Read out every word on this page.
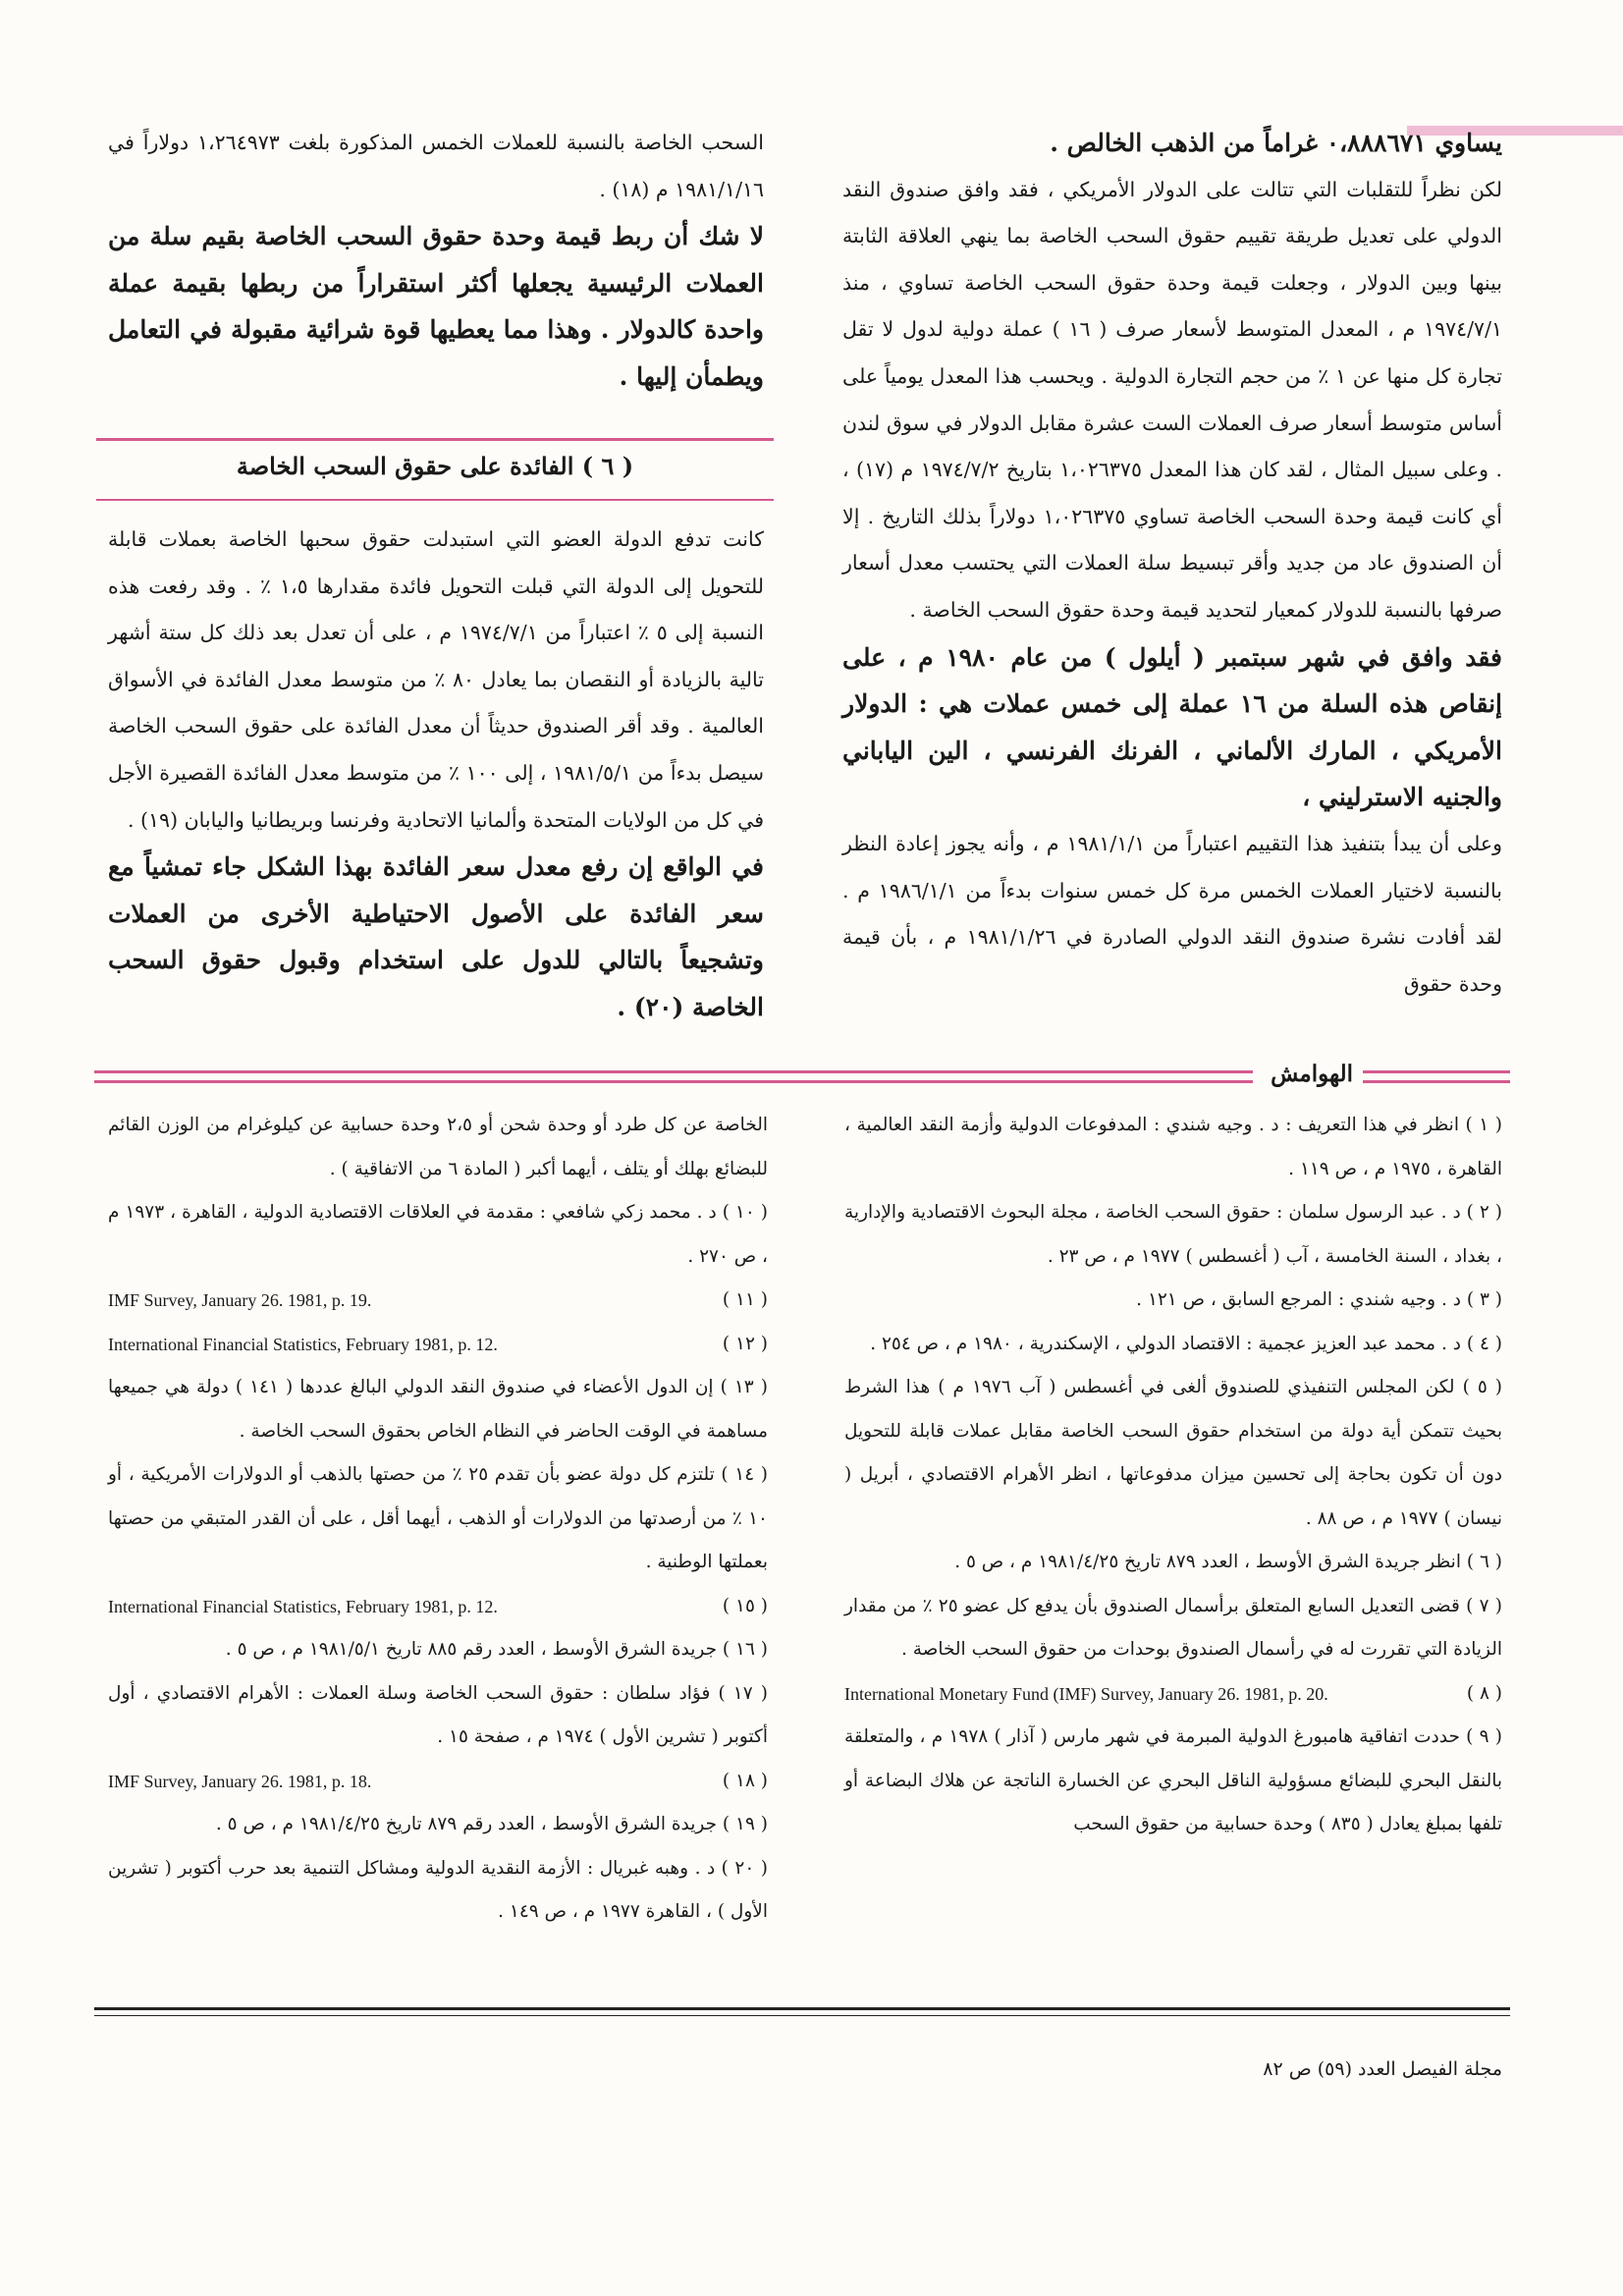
يساوي ٠،٨٨٨٦٧١ غراماً من الذهب الخالص .

لكن نظراً للتقلبات التي تتالت على الدولار الأمريكي ، فقد وافق صندوق النقد الدولي على تعديل طريقة تقييم حقوق السحب الخاصة بما ينهي العلاقة الثابتة بينها وبين الدولار ، وجعلت قيمة وحدة حقوق السحب الخاصة تساوي ، منذ ١٩٧٤/٧/١ م ، المعدل المتوسط لأسعار صرف ( ١٦ ) عملة دولية لدول لا تقل تجارة كل منها عن ١ ٪ من حجم التجارة الدولية . ويحسب هذا المعدل يومياً على أساس متوسط أسعار صرف العملات الست عشرة مقابل الدولار في سوق لندن . وعلى سبيل المثال ، لقد كان هذا المعدل ١،٠٢٦٣٧٥ بتاريخ ١٩٧٤/٧/٢ م (١٧) ، أي كانت قيمة وحدة السحب الخاصة تساوي ١،٠٢٦٣٧٥ دولاراً بذلك التاريخ . إلا أن الصندوق عاد من جديد وأقر تبسيط سلة العملات التي يحتسب معدل أسعار صرفها بالنسبة للدولار كمعيار لتحديد قيمة وحدة حقوق السحب الخاصة .

فقد وافق في شهر سبتمبر ( أيلول ) من عام ١٩٨٠ م ، على إنقاص هذه السلة من ١٦ عملة إلى خمس عملات هي : الدولار الأمريكي ، المارك الألماني ، الفرنك الفرنسي ، الين الياباني والجنيه الاسترليني ،

وعلى أن يبدأ بتنفيذ هذا التقييم اعتباراً من ١٩٨١/١/١ م ، وأنه يجوز إعادة النظر بالنسبة لاختيار العملات الخمس مرة كل خمس سنوات بدءاً من ١٩٨٦/١/١ م . لقد أفادت نشرة صندوق النقد الدولي الصادرة في ١٩٨١/١/٢٦ م ، بأن قيمة وحدة حقوق

السحب الخاصة بالنسبة للعملات الخمس المذكورة بلغت ١،٢٦٤٩٧٣ دولاراً في ١٩٨١/١/١٦ م (١٨) .

لا شك أن ربط قيمة وحدة حقوق السحب الخاصة بقيم سلة من العملات الرئيسية يجعلها أكثر استقراراً من ربطها بقيمة عملة واحدة كالدولار . وهذا مما يعطيها قوة شرائية مقبولة في التعامل ويطمأن إليها .

( ٦ ) الفائدة على حقوق السحب الخاصة

كانت تدفع الدولة العضو التي استبدلت حقوق سحبها الخاصة بعملات قابلة للتحويل إلى الدولة التي قبلت التحويل فائدة مقدارها ١،٥ ٪ . وقد رفعت هذه النسبة إلى ٥ ٪ اعتباراً من ١٩٧٤/٧/١ م ، على أن تعدل بعد ذلك كل ستة أشهر تالية بالزيادة أو النقصان بما يعادل ٨٠ ٪ من متوسط معدل الفائدة في الأسواق العالمية . وقد أقر الصندوق حديثاً أن معدل الفائدة على حقوق السحب الخاصة سيصل بدءاً من ١٩٨١/٥/١ ، إلى ١٠٠ ٪ من متوسط معدل الفائدة القصيرة الأجل في كل من الولايات المتحدة وألمانيا الاتحادية وفرنسا وبريطانيا واليابان (١٩) .

في الواقع إن رفع معدل سعر الفائدة بهذا الشكل جاء تمشياً مع سعر الفائدة على الأصول الاحتياطية الأخرى من العملات وتشجيعاً بالتالي للدول على استخدام وقبول حقوق السحب الخاصة (٢٠) .

الهوامش

( ١ ) انظر في هذا التعريف : د . وجيه شندي : المدفوعات الدولية وأزمة النقد العالمية ، القاهرة ، ١٩٧٥ م ، ص ١١٩ .

( ٢ ) د . عبد الرسول سلمان : حقوق السحب الخاصة ، مجلة البحوث الاقتصادية والإدارية ، بغداد ، السنة الخامسة ، آب ( أغسطس ) ١٩٧٧ م ، ص ٢٣ .

( ٣ ) د . وجيه شندي : المرجع السابق ، ص ١٢١ .

( ٤ ) د . محمد عبد العزيز عجمية : الاقتصاد الدولي ، الإسكندرية ، ١٩٨٠ م ، ص ٢٥٤ .

( ٥ ) لكن المجلس التنفيذي للصندوق ألغى في أغسطس ( آب ١٩٧٦ م ) هذا الشرط بحيث تتمكن أية دولة من استخدام حقوق السحب الخاصة مقابل عملات قابلة للتحويل دون أن تكون بحاجة إلى تحسين ميزان مدفوعاتها ، انظر الأهرام الاقتصادي ، أبريل ( نيسان ) ١٩٧٧ م ، ص ٨٨ .

( ٦ ) انظر جريدة الشرق الأوسط ، العدد ٨٧٩ تاريخ ١٩٨١/٤/٢٥ م ، ص ٥ .

( ٧ ) قضى التعديل السابع المتعلق برأسمال الصندوق بأن يدفع كل عضو ٢٥ ٪ من مقدار الزيادة التي تقررت له في رأسمال الصندوق بوحدات من حقوق السحب الخاصة .

( ٨ )
International Monetary Fund (IMF) Survey, January 26. 1981, p. 20.

( ٩ ) حددت اتفاقية هامبورغ الدولية المبرمة في شهر مارس ( آذار ) ١٩٧٨ م ، والمتعلقة بالنقل البحري للبضائع مسؤولية الناقل البحري عن الخسارة الناتجة عن هلاك البضاعة أو تلفها بمبلغ يعادل ( ٨٣٥ ) وحدة حسابية من حقوق السحب

الخاصة عن كل طرد أو وحدة شحن أو ٢،٥ وحدة حسابية عن كيلوغرام من الوزن القائم للبضائع بهلك أو يتلف ، أيهما أكبر ( المادة ٦ من الاتفاقية ) .

( ١٠ ) د . محمد زكي شافعي : مقدمة في العلاقات الاقتصادية الدولية ، القاهرة ، ١٩٧٣ م ، ص ٢٧٠ .

( ١١ )
IMF Survey, January 26. 1981, p. 19.
( ١٢ )
International Financial Statistics, February 1981, p. 12.

( ١٣ ) إن الدول الأعضاء في صندوق النقد الدولي البالغ عددها ( ١٤١ ) دولة هي جميعها مساهمة في الوقت الحاضر في النظام الخاص بحقوق السحب الخاصة .

( ١٤ ) تلتزم كل دولة عضو بأن تقدم ٢٥ ٪ من حصتها بالذهب أو الدولارات الأمريكية ، أو ١٠ ٪ من أرصدتها من الدولارات أو الذهب ، أيهما أقل ، على أن القدر المتبقي من حصتها بعملتها الوطنية .

( ١٥ )
International Financial Statistics, February 1981, p. 12.

( ١٦ ) جريدة الشرق الأوسط ، العدد رقم ٨٨٥ تاريخ ١٩٨١/٥/١ م ، ص ٥ .

( ١٧ ) فؤاد سلطان : حقوق السحب الخاصة وسلة العملات : الأهرام الاقتصادي ، أول أكتوبر ( تشرين الأول ) ١٩٧٤ م ، صفحة ١٥ .

( ١٨ )
IMF Survey, January 26. 1981, p. 18.

( ١٩ ) جريدة الشرق الأوسط ، العدد رقم ٨٧٩ تاريخ ١٩٨١/٤/٢٥ م ، ص ٥ .

( ٢٠ ) د . وهبه غبريال : الأزمة النقدية الدولية ومشاكل التنمية بعد حرب أكتوبر ( تشرين الأول ) ، القاهرة ١٩٧٧ م ، ص ١٤٩ .

مجلة الفيصل العدد (٥٩) ص ٨٢
